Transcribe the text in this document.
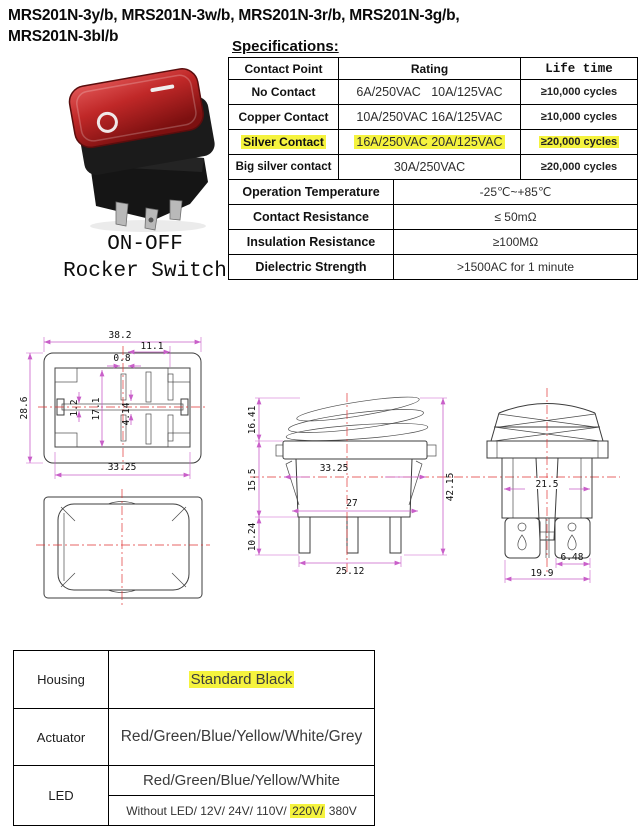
MRS201N-3y/b, MRS201N-3w/b, MRS201N-3r/b, MRS201N-3g/b,
MRS201N-3bl/b
ON-OFF
Rocker Switch
Specifications:
Contact Point	Rating		Life time
No Contact	6A/250VAC   10A/125VAC		≥10,000 cycles
Copper Contact	10A/250VAC 16A/125VAC		≥10,000 cycles
Silver Contact	16A/250VAC 20A/125VAC		≥20,000 cycles
Big silver contact	30A/250VAC		≥20,000 cycles
Operation Temperature		-25℃~+85℃	
Contact Resistance		≤ 50mΩ	
Insulation Resistance		≥100MΩ	
Dielectric Strength		>1500AC for 1 minute	
38.2
11.1
0.8
28.6	1.2 17.1 4.14
33.25
16.41
15.5
10.24
33.25
27
25.12
42.15	21.5
6.48
19.9
Housing	Standard Black
Actuator	Red/Green/Blue/Yellow/White/Grey
LED	Red/Green/Blue/Yellow/White
	Without LED/ 12V/ 24V/ 110V/ 220V/ 380V
